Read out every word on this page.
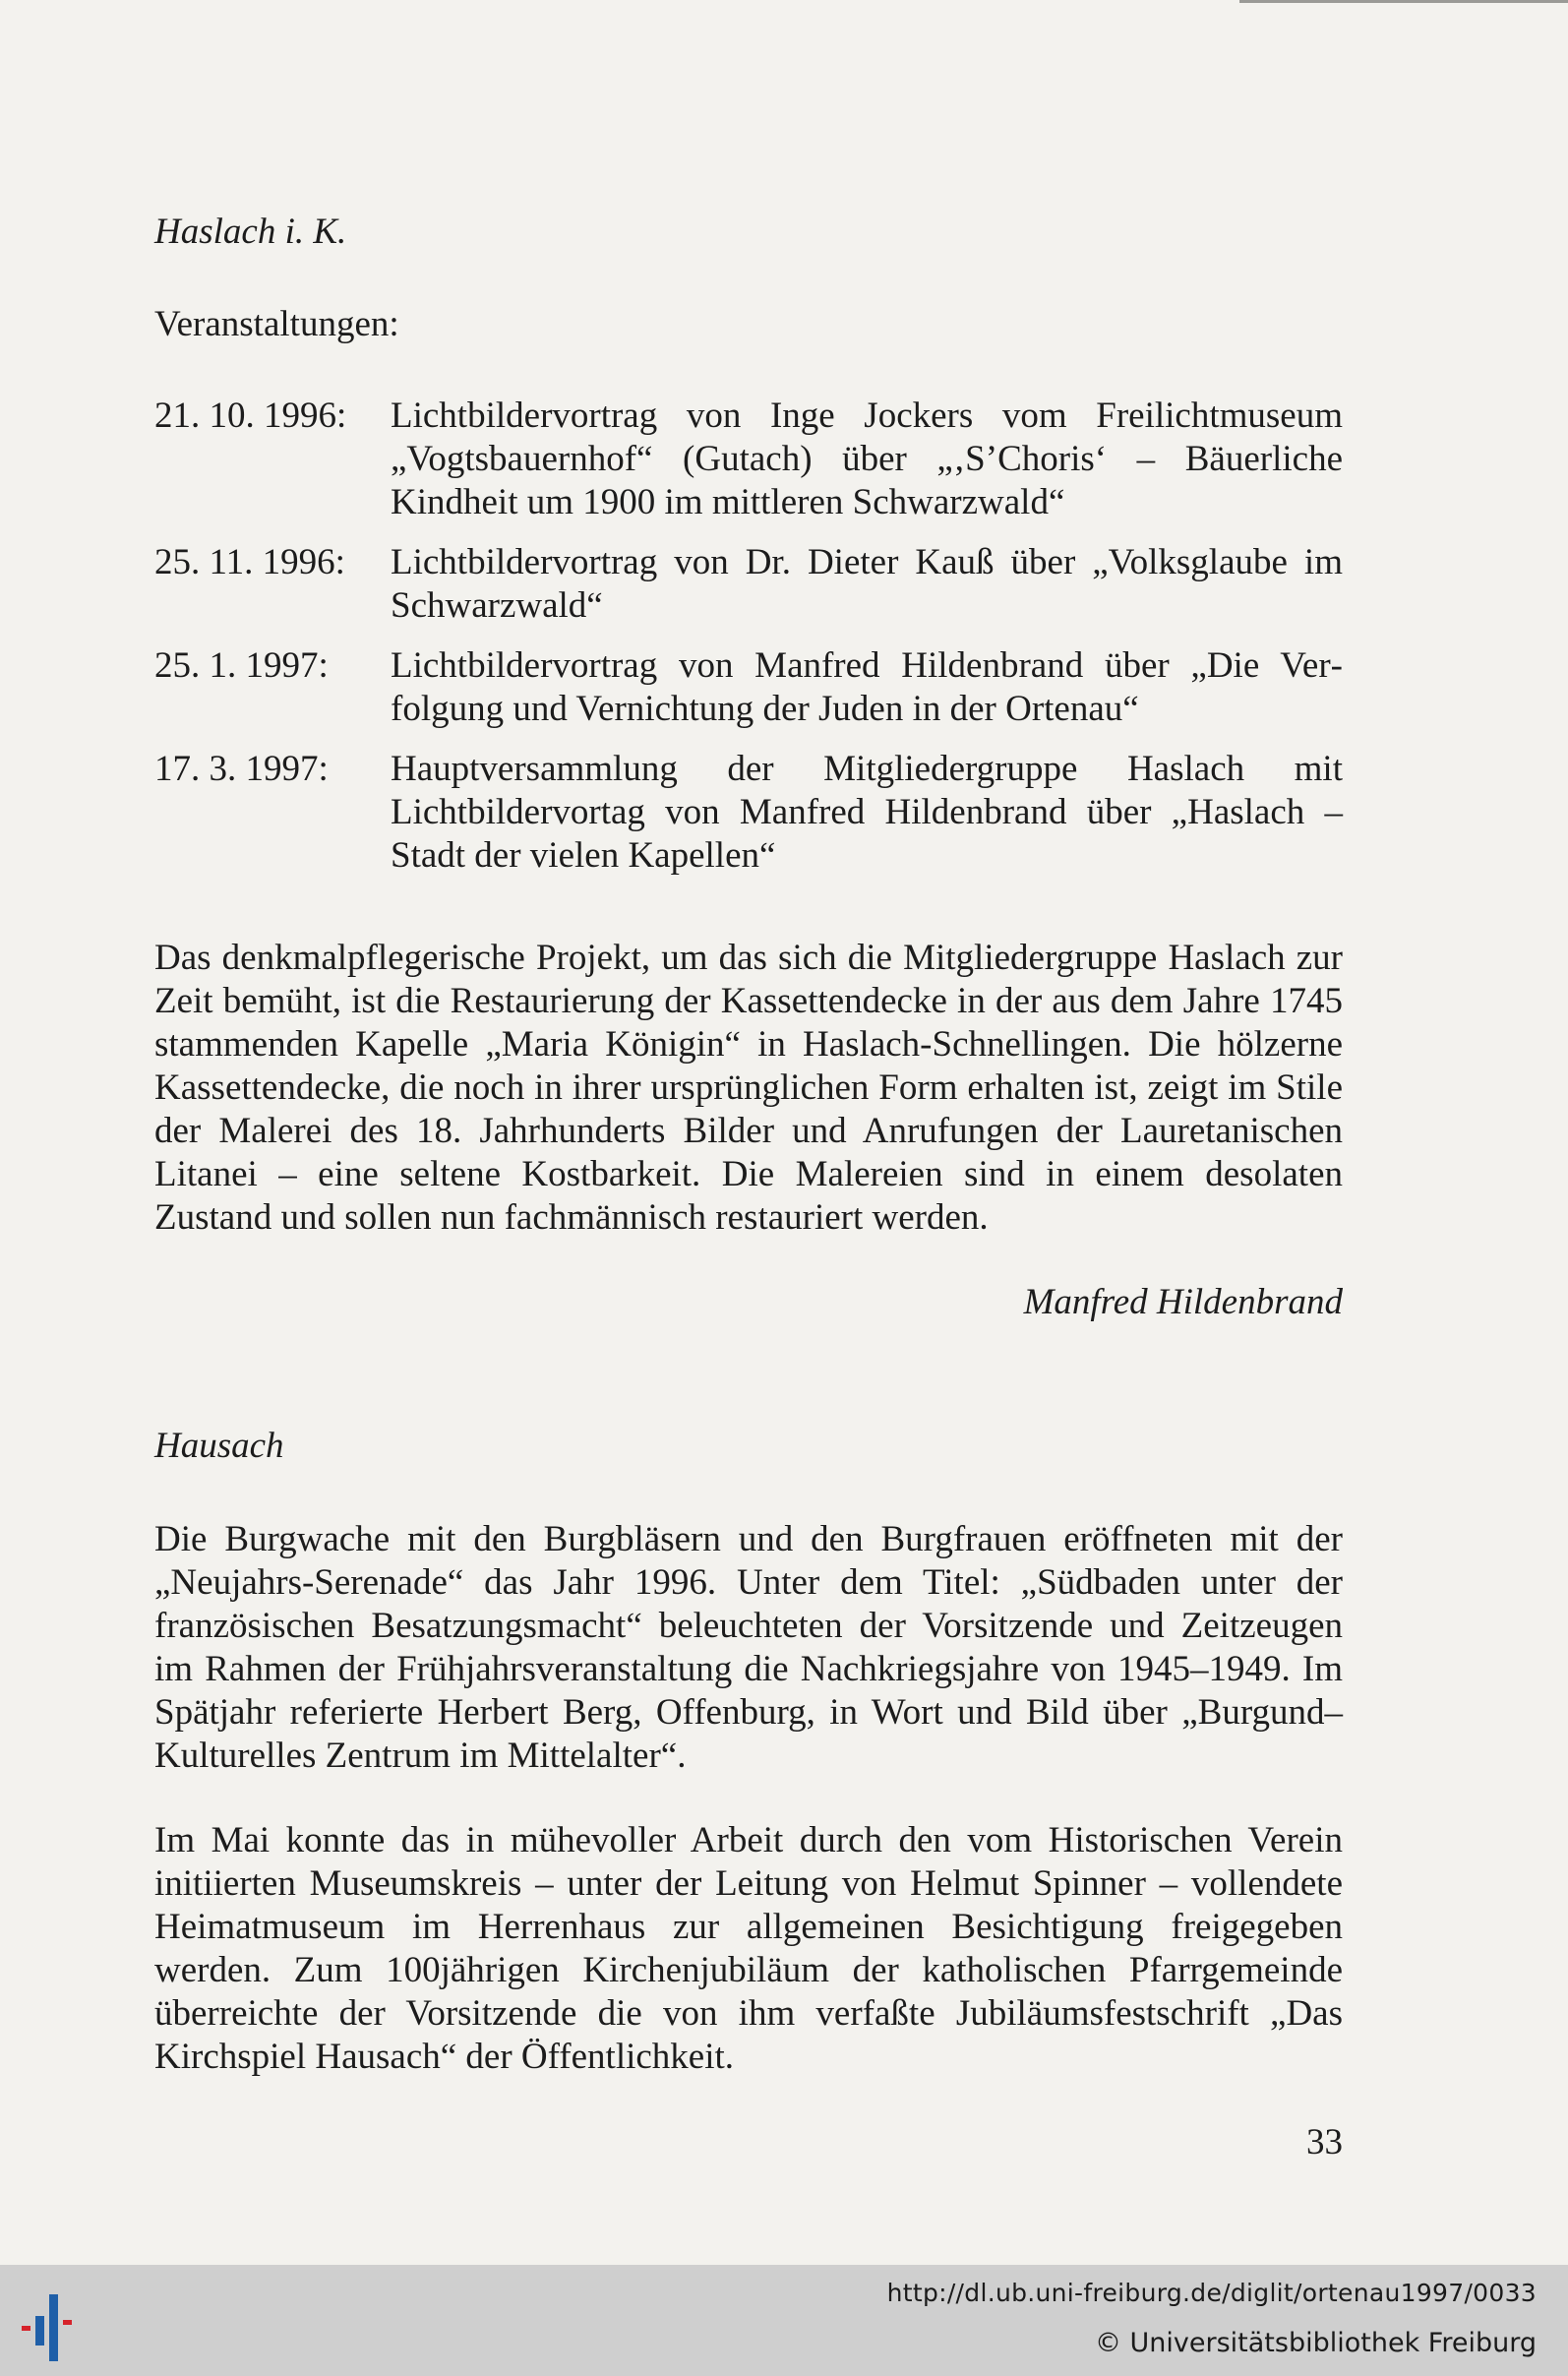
Haslach i. K.

Veranstaltungen:

21. 10. 1996:	Lichtbildervortrag von Inge Jockers vom Freilichtmuseum „Vogtsbauernhof“ (Gutach) über „‚S’Choris‘ – Bäuerliche Kindheit um 1900 im mittleren Schwarzwald“
25. 11. 1996:	Lichtbildervortrag von Dr. Dieter Kauß über „Volksglaube im Schwarzwald“
25. 1. 1997:	Lichtbildervortrag von Manfred Hildenbrand über „Die Verfolgung und Vernichtung der Juden in der Ortenau“
17. 3. 1997:	Hauptversammlung der Mitgliedergruppe Haslach mit Lichtbildervortag von Manfred Hildenbrand über „Haslach – Stadt der vielen Kapellen“

Das denkmalpflegerische Projekt, um das sich die Mitgliedergruppe Haslach zur Zeit bemüht, ist die Restaurierung der Kassettendecke in der aus dem Jahre 1745 stammenden Kapelle „Maria Königin“ in Haslach-Schnellingen. Die hölzerne Kassettendecke, die noch in ihrer ursprünglichen Form erhalten ist, zeigt im Stile der Malerei des 18. Jahrhunderts Bilder und Anrufungen der Lauretanischen Litanei – eine seltene Kostbarkeit. Die Malereien sind in einem desolaten Zustand und sollen nun fachmännisch restauriert werden.

Manfred Hildenbrand

Hausach

Die Burgwache mit den Burgbläsern und den Burgfrauen eröffneten mit der „Neujahrs-Serenade“ das Jahr 1996. Unter dem Titel: „Südbaden unter der französischen Besatzungsmacht“ beleuchteten der Vorsitzende und Zeitzeugen im Rahmen der Frühjahrsveranstaltung die Nachkriegsjahre von 1945–1949. Im Spätjahr referierte Herbert Berg, Offenburg, in Wort und Bild über „Burgund–Kulturelles Zentrum im Mittelalter“.

Im Mai konnte das in mühevoller Arbeit durch den vom Historischen Verein initiierten Museumskreis – unter der Leitung von Helmut Spinner – vollendete Heimatmuseum im Herrenhaus zur allgemeinen Besichtigung freigegeben werden. Zum 100jährigen Kirchenjubiläum der katholischen Pfarrgemeinde überreichte der Vorsitzende die von ihm verfaßte Jubiläumsfestschrift „Das Kirchspiel Hausach“ der Öffentlichkeit.

33

http://dl.ub.uni-freiburg.de/diglit/ortenau1997/0033

© Universitätsbibliothek Freiburg
